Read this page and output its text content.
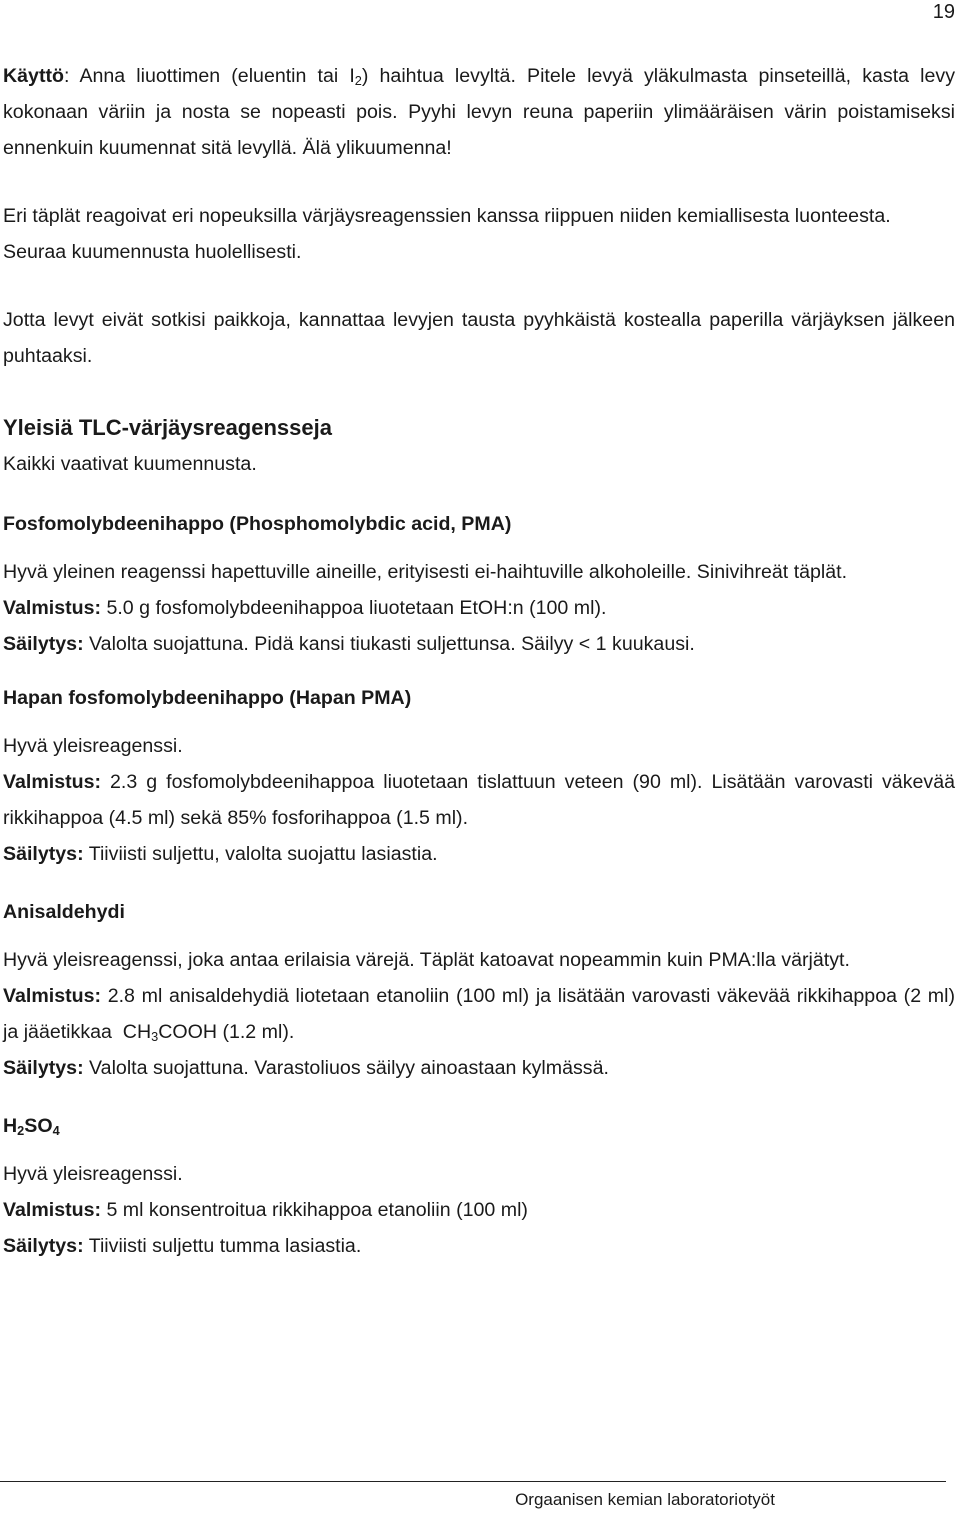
19

Käyttö: Anna liuottimen (eluentin tai $I_2$) haihtua levyltä. Pitele levyä yläkulmasta pinseteillä, kasta levy kokonaan väriin ja nosta se nopeasti pois. Pyyhi levyn reuna paperiin ylimääräisen värin poistamiseksi ennenkuin kuumennat sitä levyllä. Älä ylikuumenna!

Eri täplät reagoivat eri nopeuksilla värjäysreagenssien kanssa riippuen niiden kemiallisesta luonteesta. Seuraa kuumennusta huolellisesti.

Jotta levyt eivät sotkisi paikkoja, kannattaa levyjen tausta pyyhkäistä kostealla paperilla värjäyksen jälkeen puhtaaksi.

Yleisiä TLC-värjäysreagensseja

Kaikki vaativat kuumennusta.

Fosfomolybdeenihappo (Phosphomolybdic acid, PMA)

Hyvä yleinen reagenssi hapettuville aineille, erityisesti ei-haihtuville alkoholeille. Sinivihreät täplät.

Valmistus: 5.0 g fosfomolybdeenihappoa liuotetaan EtOH:n (100 ml).

Säilytys: Valolta suojattuna. Pidä kansi tiukasti suljettunsa. Säilyy < 1 kuukausi.

Hapan fosfomolybdeenihappo (Hapan PMA)

Hyvä yleisreagenssi.

Valmistus: 2.3 g fosfomolybdeenihappoa liuotetaan tislattuun veteen (90 ml). Lisätään varovasti väkevää rikkihappoa (4.5 ml) sekä 85% fosforihappoa (1.5 ml).

Säilytys: Tiiviisti suljettu, valolta suojattu lasiastia.

Anisaldehydi

Hyvä yleisreagenssi, joka antaa erilaisia värejä. Täplät katoavat nopeammin kuin PMA:lla värjätyt.

Valmistus: 2.8 ml anisaldehydiä liotetaan etanoliin (100 ml) ja lisätään varovasti väkevää rikkihappoa (2 ml) ja jääetikkaa  $CH_3COOH$ (1.2 ml).

Säilytys: Valolta suojattuna. Varastoliuos säilyy ainoastaan kylmässä.

$H_2SO_4$

Hyvä yleisreagenssi.

Valmistus: 5 ml konsentroitua rikkihappoa etanoliin (100 ml)

Säilytys: Tiiviisti suljettu tumma lasiastia.

Orgaanisen kemian laboratoriotyöt
